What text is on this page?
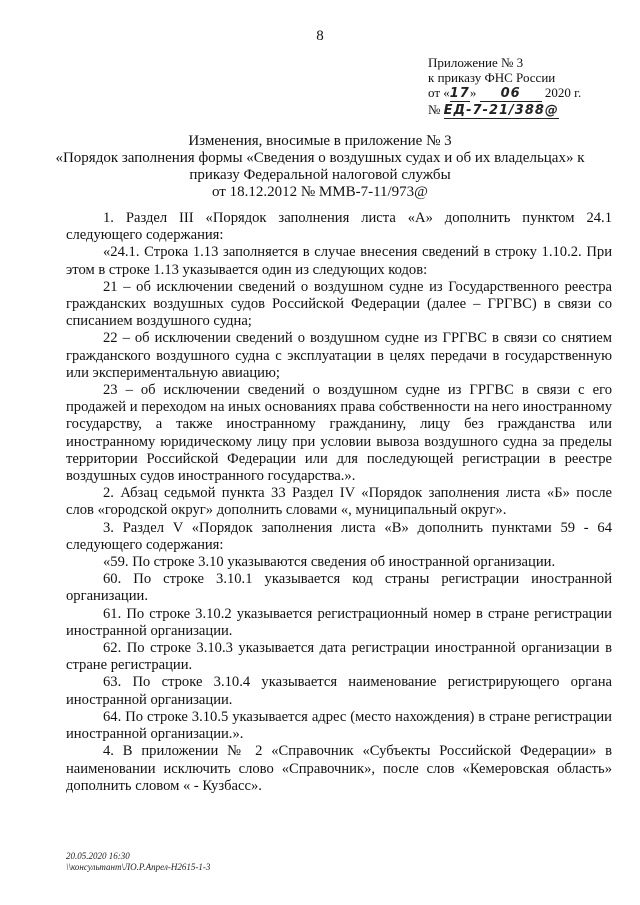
8
Приложение № 3
к приказу ФНС России
от «17» 06 2020 г.
№ ЕД-7-21/388@
Изменения, вносимые в приложение № 3
«Порядок заполнения формы «Сведения о воздушных судах и об их владельцах» к
приказу Федеральной налоговой службы
от 18.12.2012 № ММВ-7-11/973@

1. Раздел III «Порядок заполнения листа «А» дополнить пунктом 24.1 следующего содержания:

«24.1. Строка 1.13 заполняется в случае внесения сведений в строку 1.10.2. При этом в строке 1.13 указывается один из следующих кодов:

21 – об исключении сведений о воздушном судне из Государственного реестра гражданских воздушных судов Российской Федерации (далее – ГРГВС) в связи со списанием воздушного судна;

22 – об исключении сведений о воздушном судне из ГРГВС в связи со снятием гражданского воздушного судна с эксплуатации в целях передачи в государственную или экспериментальную авиацию;

23 – об исключении сведений о воздушном судне из ГРГВС в связи с его продажей и переходом на иных основаниях права собственности на него иностранному государству, а также иностранному гражданину, лицу без гражданства или иностранному юридическому лицу при условии вывоза воздушного судна за пределы территории Российской Федерации или для последующей регистрации в реестре воздушных судов иностранного государства.».

2. Абзац седьмой пункта 33 Раздел IV «Порядок заполнения листа «Б» после слов «городской округ» дополнить словами «, муниципальный округ».

3. Раздел V «Порядок заполнения листа «В» дополнить пунктами 59 - 64 следующего содержания:

«59. По строке 3.10 указываются сведения об иностранной организации.

60. По строке 3.10.1 указывается код страны регистрации иностранной организации.

61. По строке 3.10.2 указывается регистрационный номер в стране регистрации иностранной организации.

62. По строке 3.10.3 указывается дата регистрации иностранной организации в стране регистрации.

63. По строке 3.10.4 указывается наименование регистрирующего органа иностранной организации.

64. По строке 3.10.5 указывается адрес (место нахождения) в стране регистрации иностранной организации.».

4. В приложении № 2 «Справочник «Субъекты Российской Федерации» в наименовании исключить слово «Справочник», после слов «Кемеровская область» дополнить словом « - Кузбасс».

20.05.2020 16:30
\\консультант\ЛО.Р.Апрел-Н2615-1-3
